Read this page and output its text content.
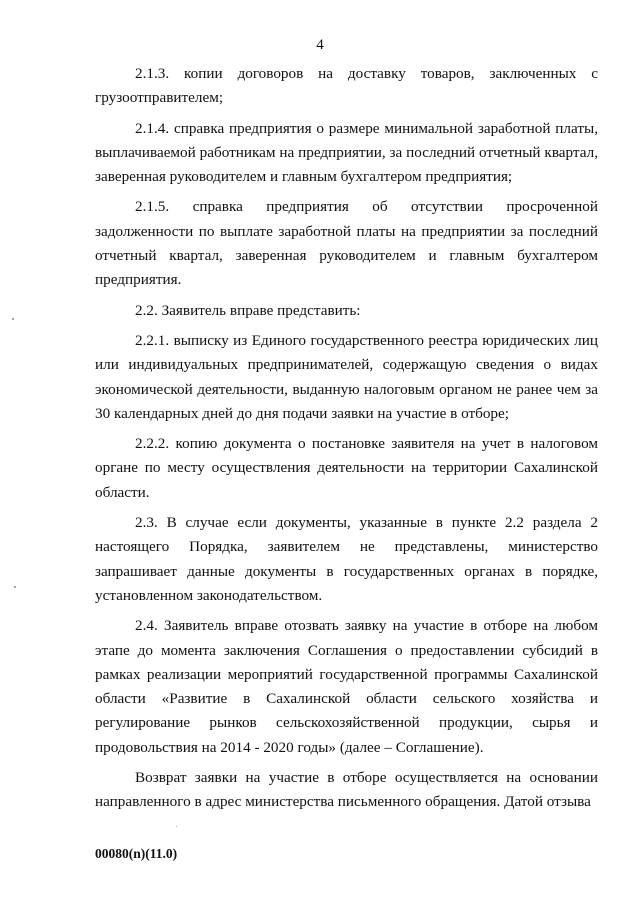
4

2.1.3. копии договоров на доставку товаров, заключенных с грузоотправителем;

2.1.4. справка предприятия о размере минимальной заработной платы, выплачиваемой работникам на предприятии, за последний отчетный квартал, заверенная руководителем и главным бухгалтером предприятия;

2.1.5. справка предприятия об отсутствии просроченной задолженности по выплате заработной платы на предприятии за последний отчетный квартал, заверенная руководителем и главным бухгалтером предприятия.

2.2. Заявитель вправе представить:

2.2.1. выписку из Единого государственного реестра юридических лиц или индивидуальных предпринимателей, содержащую сведения о видах экономической деятельности, выданную налоговым органом не ранее чем за 30 календарных дней до дня подачи заявки на участие в отборе;

2.2.2. копию документа о постановке заявителя на учет в налоговом органе по месту осуществления деятельности на территории Сахалинской области.

2.3. В случае если документы, указанные в пункте 2.2 раздела 2 настоящего Порядка, заявителем не представлены, министерство запрашивает данные документы в государственных органах в порядке, установленном законодательством.

2.4. Заявитель вправе отозвать заявку на участие в отборе на любом этапе до момента заключения Соглашения о предоставлении субсидий в рамках реализации мероприятий государственной программы Сахалинской области «Развитие в Сахалинской области сельского хозяйства и регулирование рынков сельскохозяйственной продукции, сырья и продовольствия на 2014 - 2020 годы» (далее – Соглашение).

Возврат заявки на участие в отборе осуществляется на основании направленного в адрес министерства письменного обращения. Датой отзыва

00080(n)(11.0)
